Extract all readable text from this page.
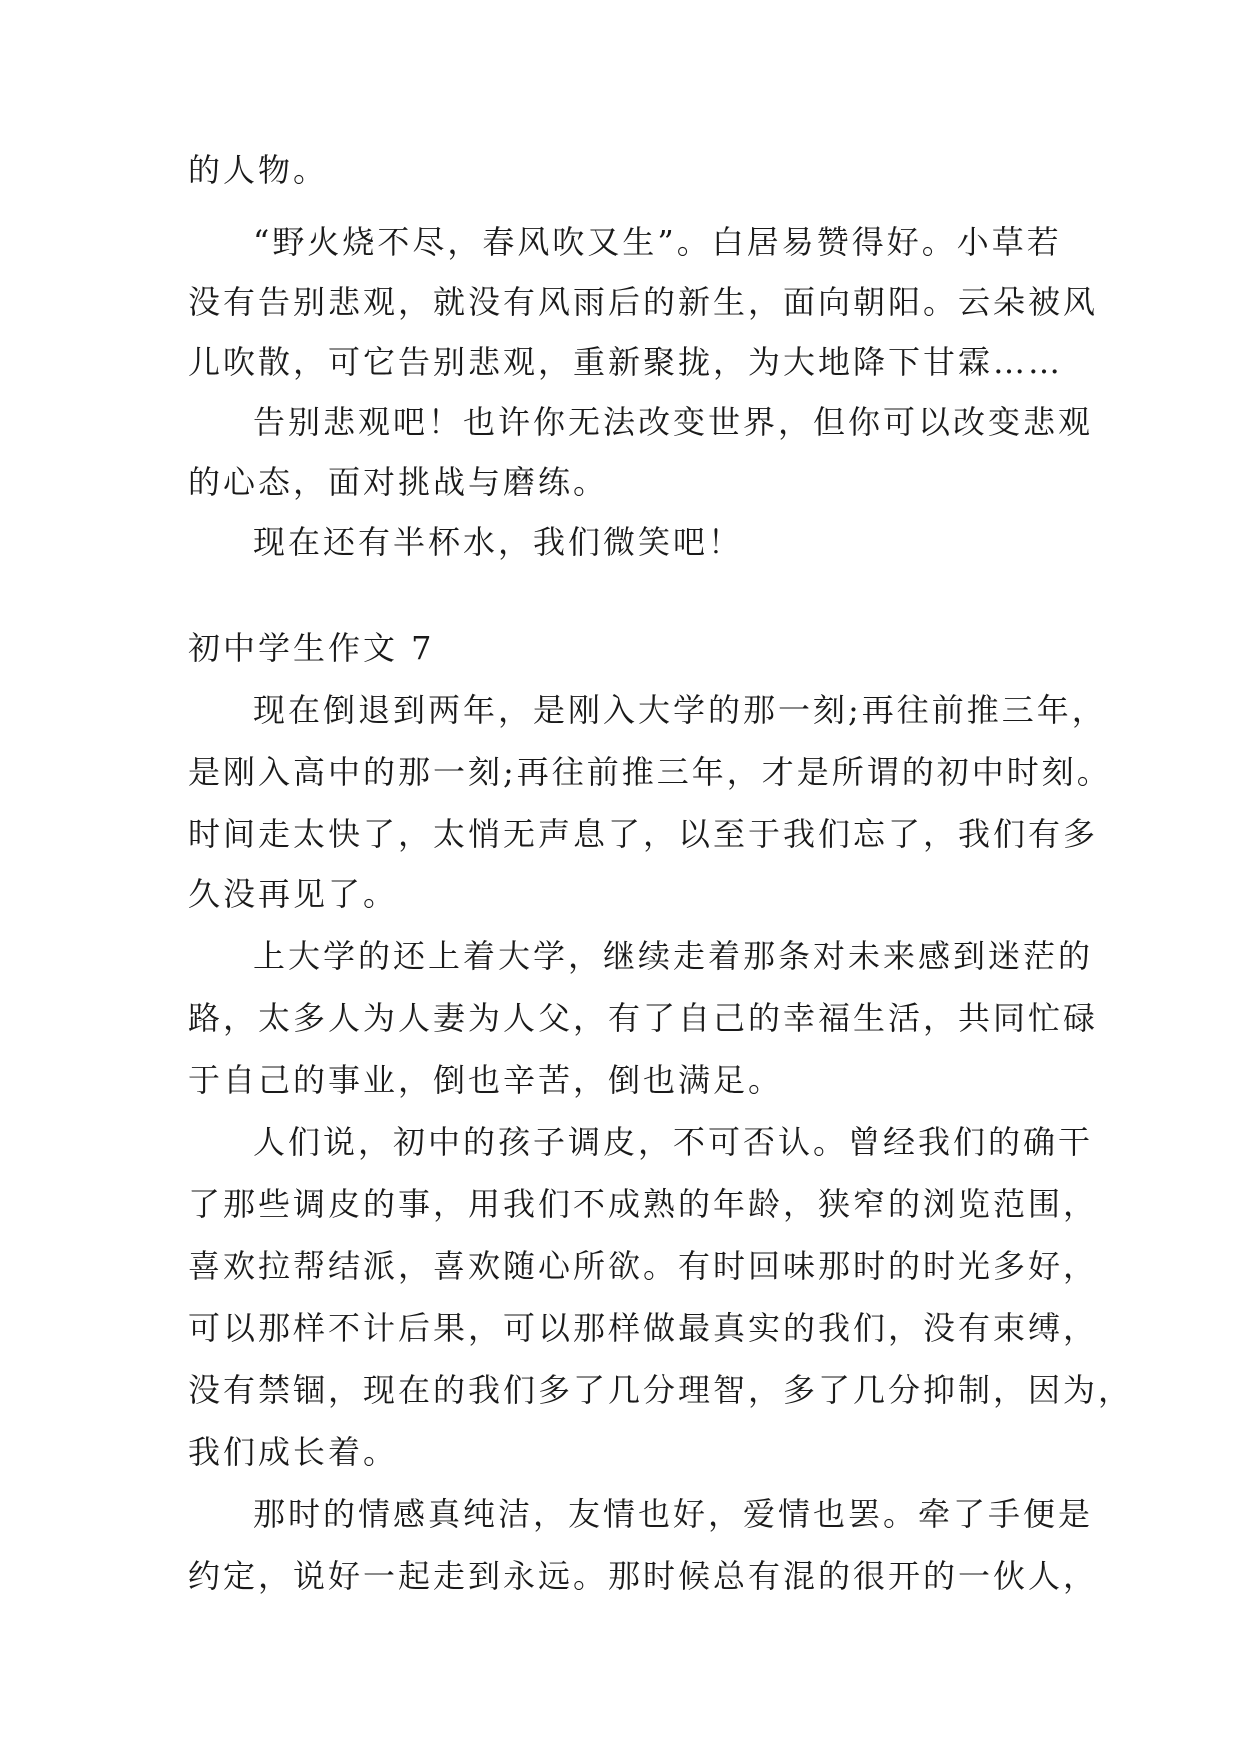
的人物。
“野火烧不尽，春风吹又生”。白居易赞得好。小草若
没有告别悲观，就没有风雨后的新生，面向朝阳。云朵被风
儿吹散，可它告别悲观，重新聚拢，为大地降下甘霖……
告别悲观吧！也许你无法改变世界，但你可以改变悲观
的心态，面对挑战与磨练。
现在还有半杯水，我们微笑吧！
初中学生作文 7
现在倒退到两年，是刚入大学的那一刻;再往前推三年，
是刚入高中的那一刻;再往前推三年，才是所谓的初中时刻。
时间走太快了，太悄无声息了，以至于我们忘了，我们有多
久没再见了。
上大学的还上着大学，继续走着那条对未来感到迷茫的
路，太多人为人妻为人父，有了自己的幸福生活，共同忙碌
于自己的事业，倒也辛苦，倒也满足。
人们说，初中的孩子调皮，不可否认。曾经我们的确干
了那些调皮的事，用我们不成熟的年龄，狭窄的浏览范围，
喜欢拉帮结派，喜欢随心所欲。有时回味那时的时光多好，
可以那样不计后果，可以那样做最真实的我们，没有束缚，
没有禁锢，现在的我们多了几分理智，多了几分抑制，因为，
我们成长着。
那时的情感真纯洁，友情也好，爱情也罢。牵了手便是
约定，说好一起走到永远。那时候总有混的很开的一伙人，
